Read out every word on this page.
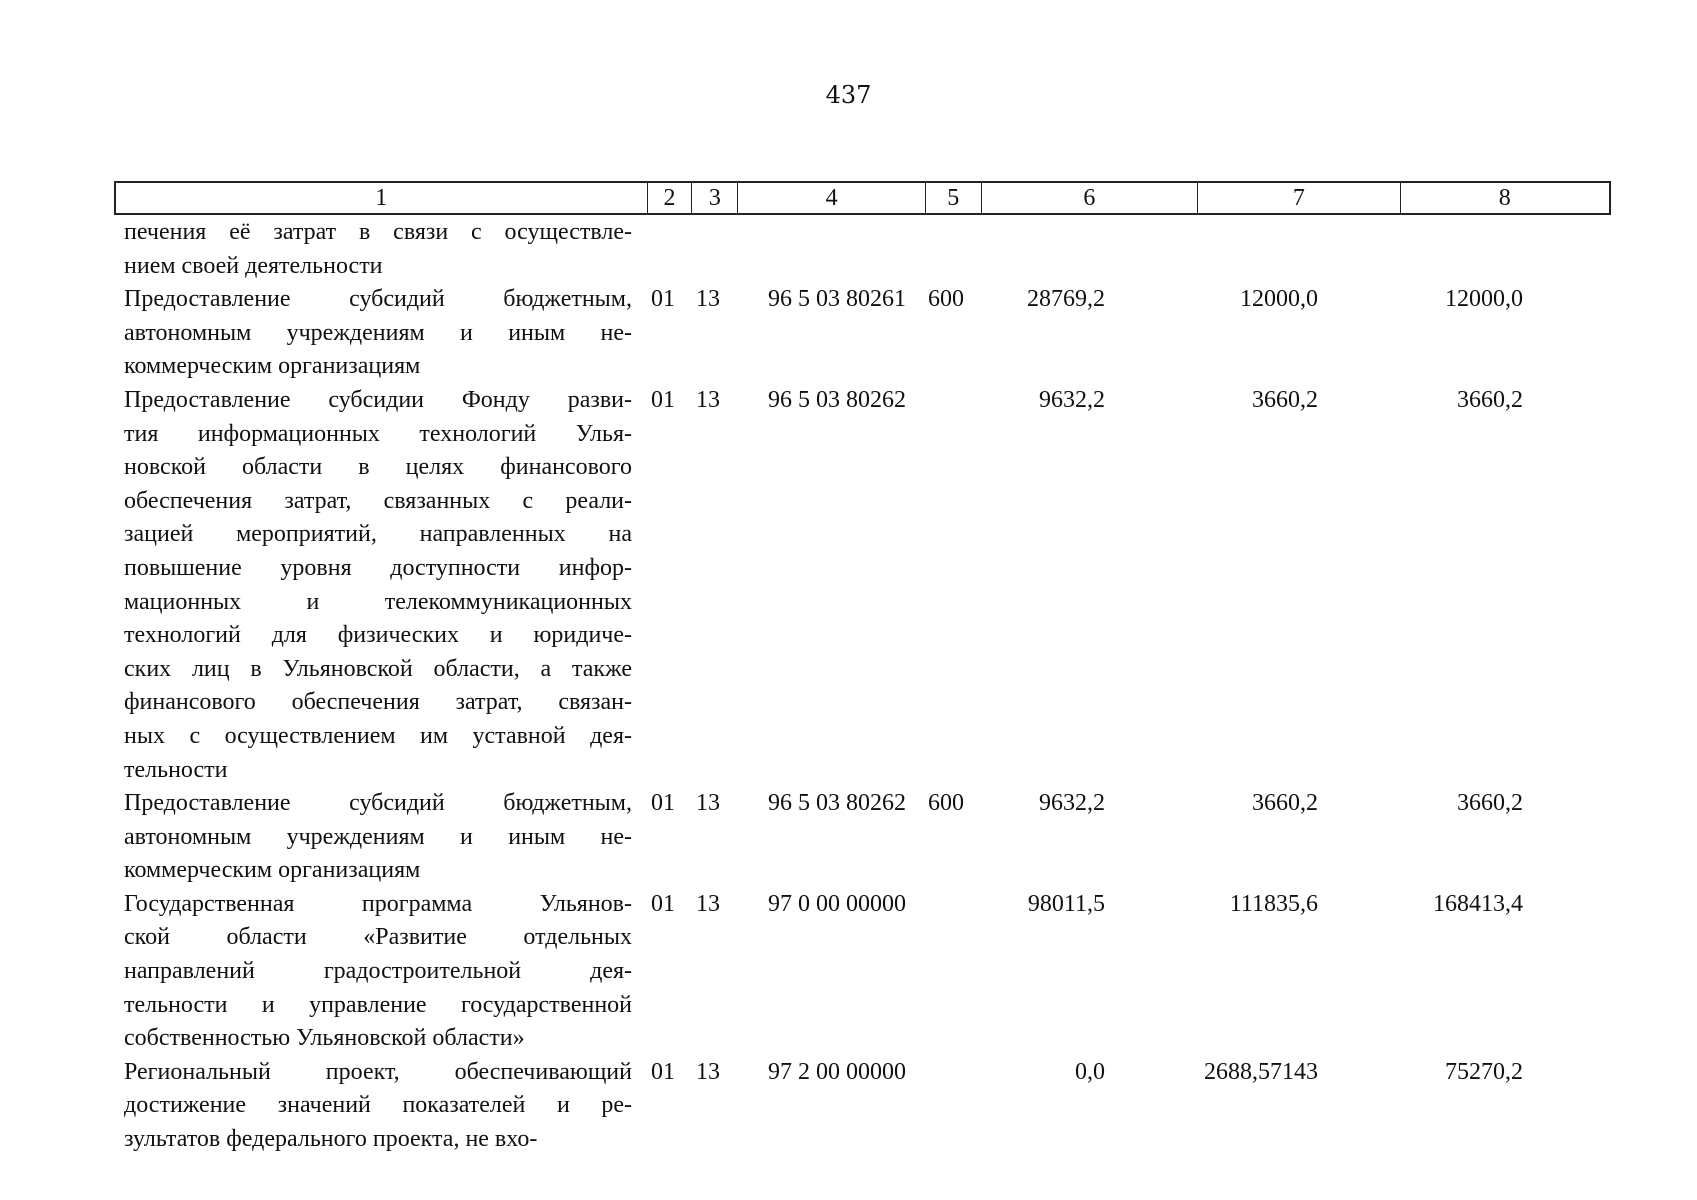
437
1	2	3	4	5	6	7	8
печения её затрат в связи с осуществле-
нием своей деятельности
Предоставление субсидий бюджетным,
автономным учреждениям и иным не-
коммерческим организациям
01 13	96 5 03 80261 600	28769,2	12000,0	12000,0
Предоставление субсидии Фонду разви-
тия информационных технологий Улья-
новской области в целях финансового
обеспечения затрат, связанных с реали-
зацией мероприятий, направленных на
повышение уровня доступности инфор-
мационных и телекоммуникационных
технологий для физических и юридиче-
ских лиц в Ульяновской области, а также
финансового обеспечения затрат, связан-
ных с осуществлением им уставной дея-
тельности
01 13	96 5 03 80262	9632,2	3660,2	3660,2
Предоставление субсидий бюджетным,
автономным учреждениям и иным не-
коммерческим организациям
01 13	96 5 03 80262 600	9632,2	3660,2	3660,2
Государственная программа Ульянов-
ской области «Развитие отдельных
направлений градостроительной дея-
тельности и управление государственной
собственностью Ульяновской области»
01 13	97 0 00 00000	98011,5	111835,6	168413,4
Региональный проект, обеспечивающий
достижение значений показателей и ре-
зультатов федерального проекта, не вхо-
01 13	97 2 00 00000	0,0	2688,57143	75270,2
